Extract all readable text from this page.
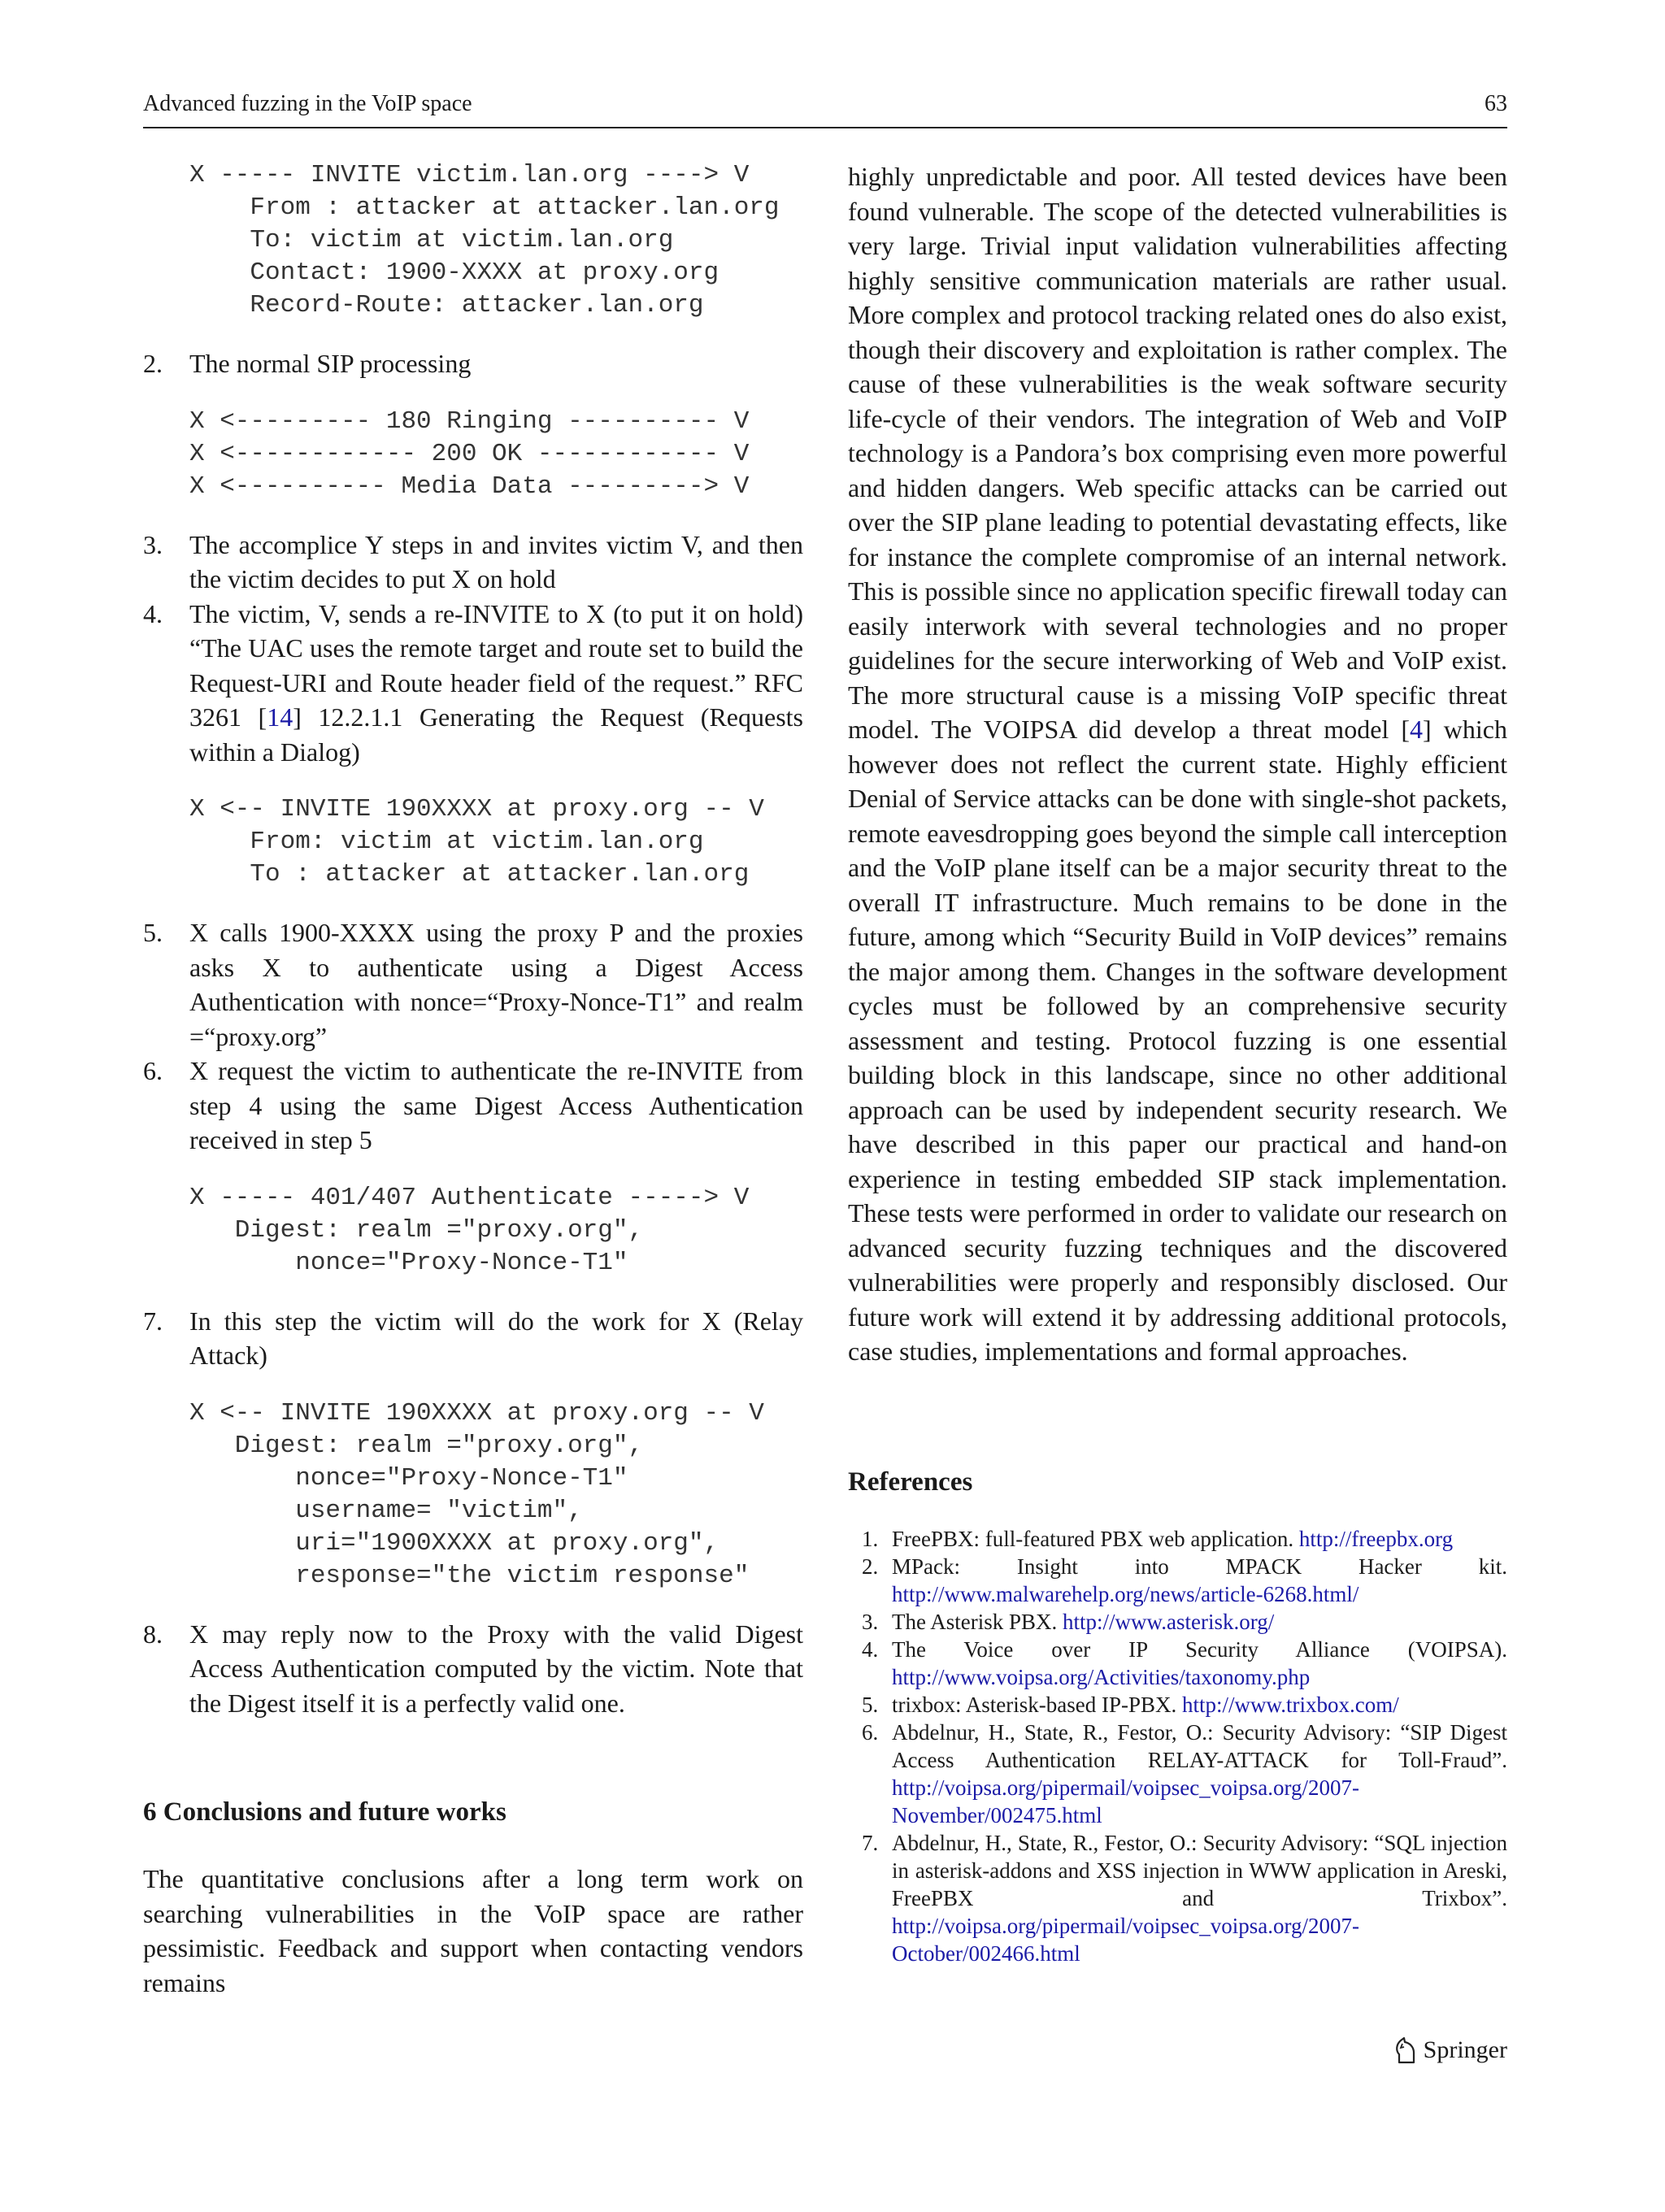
Advanced fuzzing in the VoIP space	63
X ----- INVITE victim.lan.org ----> V
From : attacker at attacker.lan.org
To: victim at victim.lan.org
Contact: 1900-XXXX at proxy.org
Record-Route: attacker.lan.org
2. The normal SIP processing
X <--------- 180 Ringing ---------- V
X <------------ 200 OK ------------ V
X <---------- Media Data ---------> V
3. The accomplice Y steps in and invites victim V, and then the victim decides to put X on hold
4. The victim, V, sends a re-INVITE to X (to put it on hold) “The UAC uses the remote target and route set to build the Request-URI and Route header field of the request.” RFC 3261 [14] 12.2.1.1 Generating the Request (Requests within a Dialog)
X <-- INVITE 190XXXX at proxy.org -- V
From: victim at victim.lan.org
To : attacker at attacker.lan.org
5. X calls 1900-XXXX using the proxy P and the proxies asks X to authenticate using a Digest Access Authentication with nonce=“Proxy-Nonce-T1” and realm =“proxy.org”
6. X request the victim to authenticate the re-INVITE from step 4 using the same Digest Access Authentication received in step 5
X ----- 401/407 Authenticate -----> V
Digest: realm ="proxy.org",
nonce="Proxy-Nonce-T1"
7. In this step the victim will do the work for X (Relay Attack)
X <-- INVITE 190XXXX at proxy.org -- V
Digest: realm ="proxy.org",
nonce="Proxy-Nonce-T1"
username= "victim",
uri="1900XXXX at proxy.org",
response="the victim response"
8. X may reply now to the Proxy with the valid Digest Access Authentication computed by the victim. Note that the Digest itself it is a perfectly valid one.
6 Conclusions and future works
The quantitative conclusions after a long term work on searching vulnerabilities in the VoIP space are rather pessimistic. Feedback and support when contacting vendors remains
highly unpredictable and poor. All tested devices have been found vulnerable. The scope of the detected vulnerabilities is very large. Trivial input validation vulnerabilities affecting highly sensitive communication materials are rather usual. More complex and protocol tracking related ones do also exist, though their discovery and exploitation is rather complex. The cause of these vulnerabilities is the weak software security life-cycle of their vendors. The integration of Web and VoIP technology is a Pandora’s box comprising even more powerful and hidden dangers. Web specific attacks can be carried out over the SIP plane leading to potential devastating effects, like for instance the complete compromise of an internal network. This is possible since no application specific firewall today can easily interwork with several technologies and no proper guidelines for the secure interworking of Web and VoIP exist. The more structural cause is a missing VoIP specific threat model. The VOIPSA did develop a threat model [4] which however does not reflect the current state. Highly efficient Denial of Service attacks can be done with single-shot packets, remote eavesdropping goes beyond the simple call interception and the VoIP plane itself can be a major security threat to the overall IT infrastructure. Much remains to be done in the future, among which “Security Build in VoIP devices” remains the major among them. Changes in the software development cycles must be followed by an comprehensive security assessment and testing. Protocol fuzzing is one essential building block in this landscape, since no other additional approach can be used by independent security research. We have described in this paper our practical and hand-on experience in testing embedded SIP stack implementation. These tests were performed in order to validate our research on advanced security fuzzing techniques and the discovered vulnerabilities were properly and responsibly disclosed. Our future work will extend it by addressing additional protocols, case studies, implementations and formal approaches.
References
1. FreePBX: full-featured PBX web application. http://freepbx.org
2. MPack: Insight into MPACK Hacker kit. http://www.malwarehelp.org/news/article-6268.html/
3. The Asterisk PBX. http://www.asterisk.org/
4. The Voice over IP Security Alliance (VOIPSA). http://www.voipsa.org/Activities/taxonomy.php
5. trixbox: Asterisk-based IP-PBX. http://www.trixbox.com/
6. Abdelnur, H., State, R., Festor, O.: Security Advisory: “SIP Digest Access Authentication RELAY-ATTACK for Toll-Fraud”. http://voipsa.org/pipermail/voipsec_voipsa.org/2007-November/002475.html
7. Abdelnur, H., State, R., Festor, O.: Security Advisory: “SQL injection in asterisk-addons and XSS injection in WWW application in Areski, FreePBX and Trixbox”. http://voipsa.org/pipermail/voipsec_voipsa.org/2007-October/002466.html
Springer
